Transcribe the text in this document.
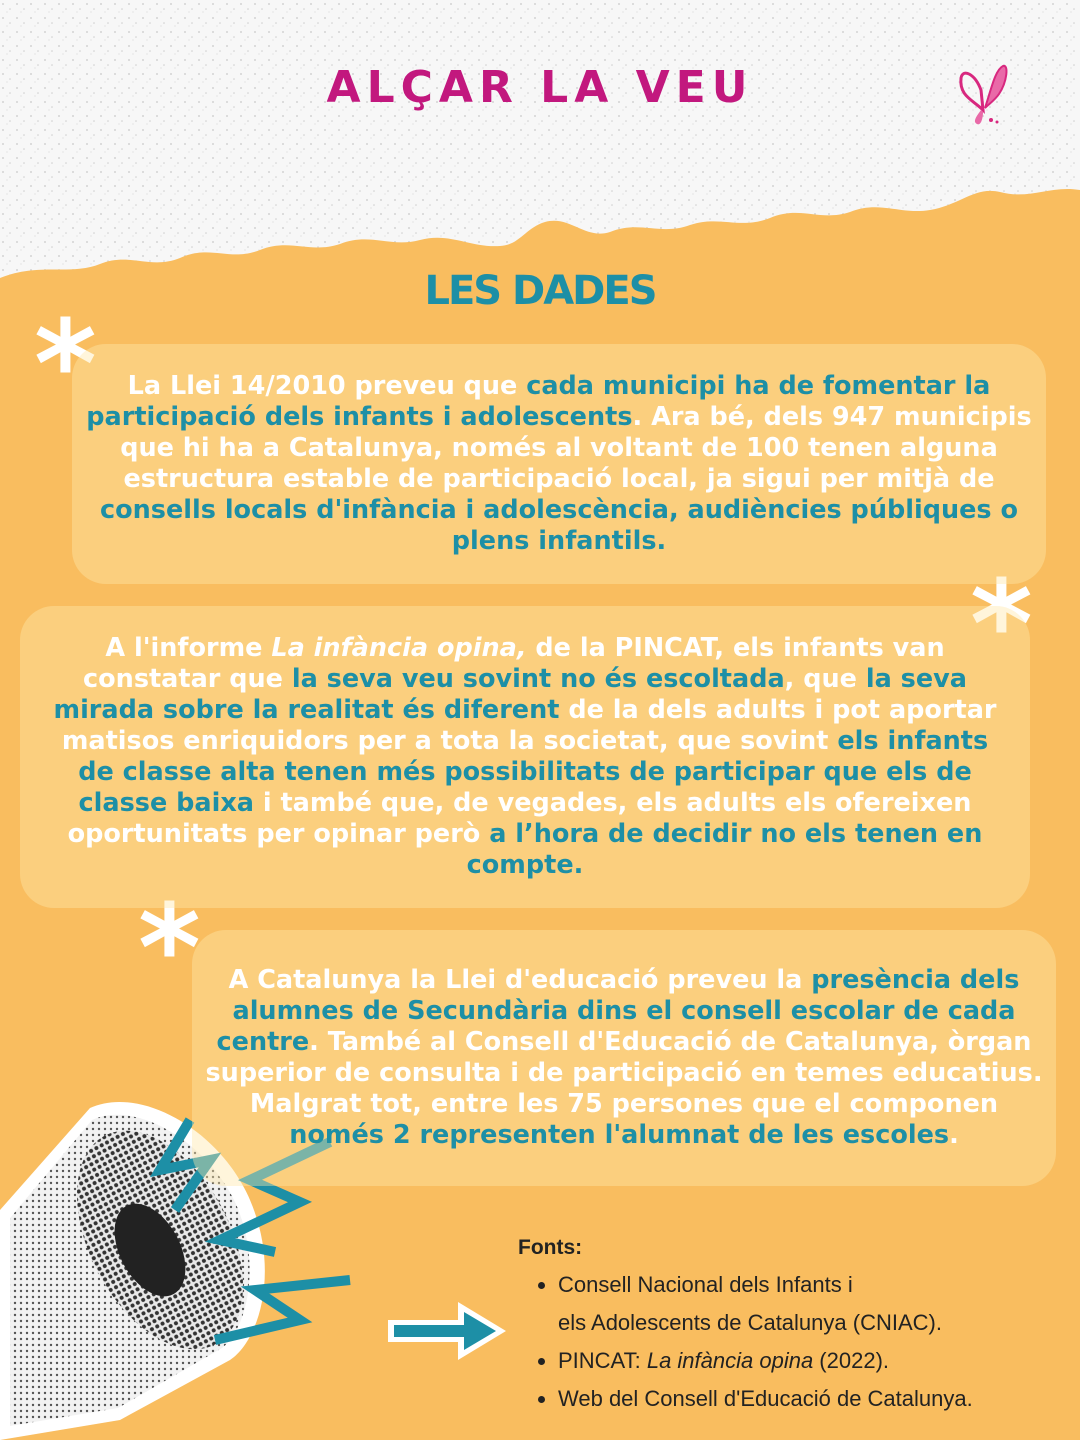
ALÇAR LA VEU
LES DADES
*
*
*

La Llei 14/2010 preveu que cada municipi ha de fomentar la participació dels infants i adolescents. Ara bé, dels 947 municipis que hi ha a Catalunya, només al voltant de 100 tenen alguna estructura estable de participació local, ja sigui per mitjà de consells locals d'infància i adolescència, audiències públiques o plens infantils.

A l'informe La infància opina, de la PINCAT, els infants van constatar que la seva veu sovint no és escoltada, que la seva mirada sobre la realitat és diferent de la dels adults i pot aportar matisos enriquidors per a tota la societat, que sovint els infants de classe alta tenen més possibilitats de participar que els de classe baixa i també que, de vegades, els adults els ofereixen oportunitats per opinar però a l’hora de decidir no els tenen en compte.

A Catalunya la Llei d'educació preveu la presència dels alumnes de Secundària dins el consell escolar de cada centre. També al Consell d'Educació de Catalunya, òrgan superior de consulta i de participació en temes educatius. Malgrat tot, entre les 75 persones que el componen només 2 representen l'alumnat de les escoles.

Fonts:

• Consell Nacional dels Infants i
els Adolescents de Catalunya (CNIAC).
• PINCAT: La infància opina (2022).
• Web del Consell d'Educació de Catalunya.
